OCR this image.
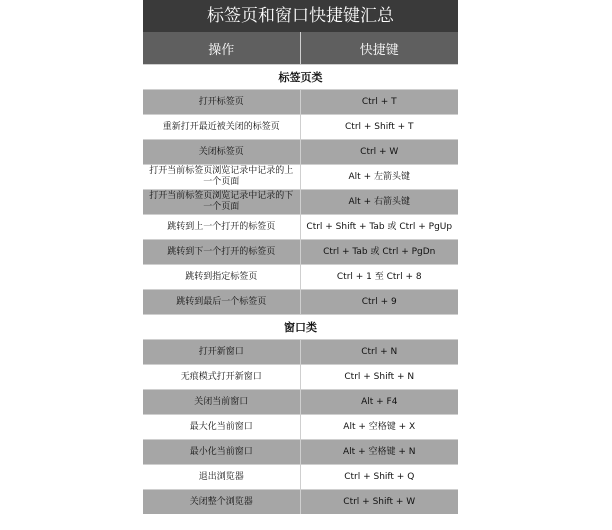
标签页和窗口快捷键汇总
操作	快捷键
标签页类	
打开标签页	Ctrl + T
重新打开最近被关闭的标签页	Ctrl + Shift + T
关闭标签页	Ctrl + W
打开当前标签页浏览记录中记录的上一个页面	Alt + 左箭头键
打开当前标签页浏览记录中记录的下一个页面	Alt + 右箭头键
跳转到上一个打开的标签页	Ctrl + Shift + Tab 或 Ctrl + PgUp
跳转到下一个打开的标签页	Ctrl + Tab 或 Ctrl + PgDn
跳转到指定标签页	Ctrl + 1 至 Ctrl + 8
跳转到最后一个标签页	Ctrl + 9
窗口类	
打开新窗口	Ctrl + N
无痕模式打开新窗口	Ctrl + Shift + N
关闭当前窗口	Alt + F4
最大化当前窗口	Alt + 空格键 + X
最小化当前窗口	Alt + 空格键 + N
退出浏览器	Ctrl + Shift + Q
关闭整个浏览器	Ctrl + Shift + W
